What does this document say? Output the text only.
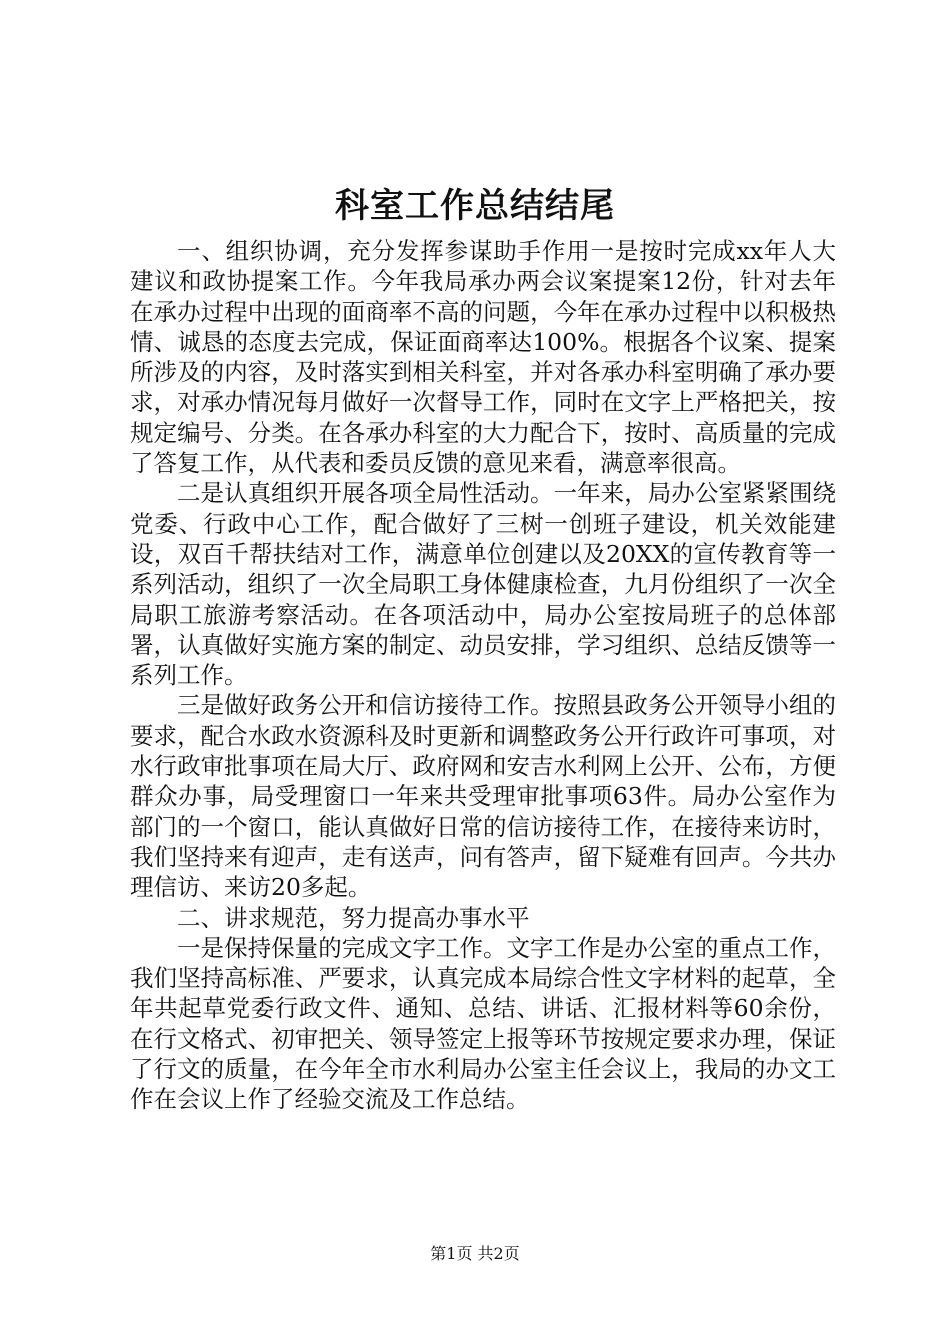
科室工作总结结尾

一、组织协调，充分发挥参谋助手作用一是按时完成xx年人大建议和政协提案工作。今年我局承办两会议案提案12份，针对去年在承办过程中出现的面商率不高的问题，今年在承办过程中以积极热情、诚恳的态度去完成，保证面商率达100%。根据各个议案、提案所涉及的内容，及时落实到相关科室，并对各承办科室明确了承办要求，对承办情况每月做好一次督导工作，同时在文字上严格把关，按规定编号、分类。在各承办科室的大力配合下，按时、高质量的完成了答复工作，从代表和委员反馈的意见来看，满意率很高。

二是认真组织开展各项全局性活动。一年来，局办公室紧紧围绕党委、行政中心工作，配合做好了三树一创班子建设，机关效能建设，双百千帮扶结对工作，满意单位创建以及20XX的宣传教育等一系列活动，组织了一次全局职工身体健康检查，九月份组织了一次全局职工旅游考察活动。在各项活动中，局办公室按局班子的总体部署，认真做好实施方案的制定、动员安排，学习组织、总结反馈等一系列工作。

三是做好政务公开和信访接待工作。按照县政务公开领导小组的要求，配合水政水资源科及时更新和调整政务公开行政许可事项，对水行政审批事项在局大厅、政府网和安吉水利网上公开、公布，方便群众办事，局受理窗口一年来共受理审批事项63件。局办公室作为部门的一个窗口，能认真做好日常的信访接待工作，在接待来访时，我们坚持来有迎声，走有送声，问有答声，留下疑难有回声。今共办理信访、来访20多起。

二、讲求规范，努力提高办事水平

一是保持保量的完成文字工作。文字工作是办公室的重点工作，我们坚持高标准、严要求，认真完成本局综合性文字材料的起草，全年共起草党委行政文件、通知、总结、讲话、汇报材料等60余份，在行文格式、初审把关、领导签定上报等环节按规定要求办理，保证了行文的质量，在今年全市水利局办公室主任会议上，我局的办文工作在会议上作了经验交流及工作总结。

第1页 共2页
